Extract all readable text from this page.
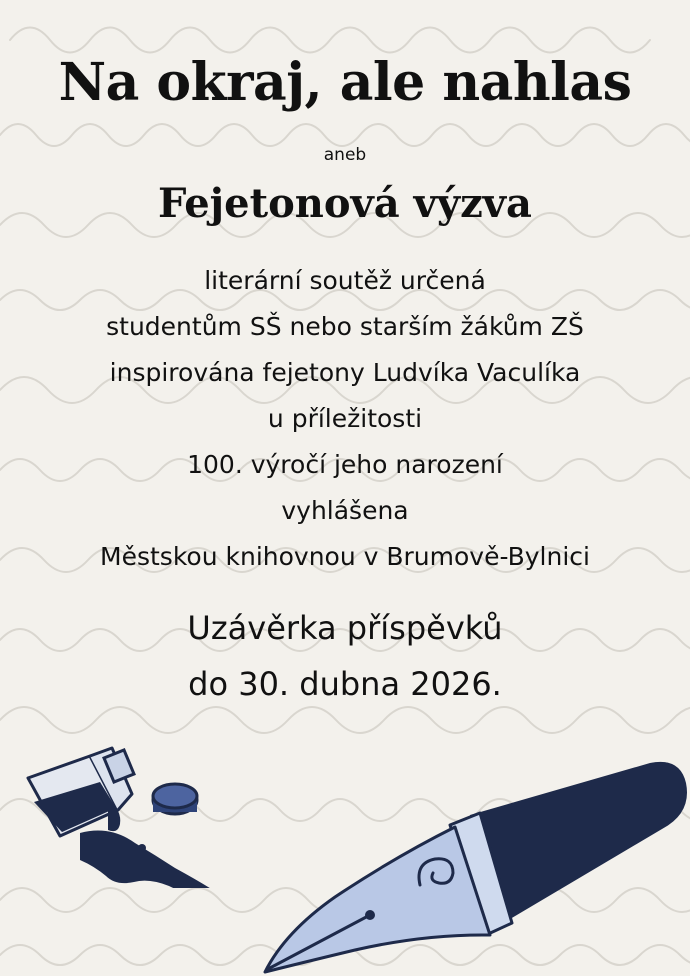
Na okraj, ale nahlas
aneb
Fejetonová výzva
literární soutěž určená
studentům SŠ nebo starším žákům ZŠ
inspirována fejetony Ludvíka Vaculíka
u příležitosti
100. výročí jeho narození
vyhlášena
Městskou knihovnou v Brumově-Bylnici
Uzávěrka příspěvků
do 30. dubna 2026.
